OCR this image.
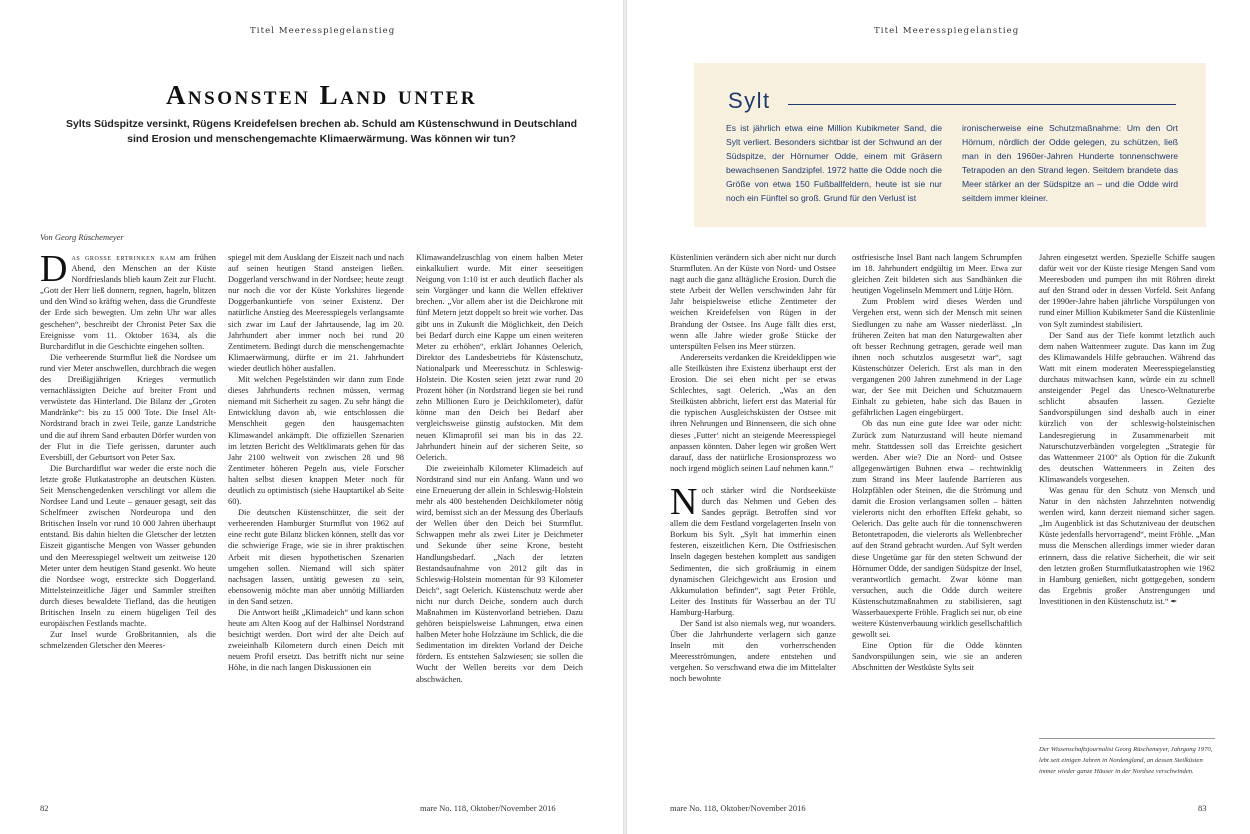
Titel Meeresspiegelanstieg
Ansonsten Land unter
Sylts Südspitze versinkt, Rügens Kreidefelsen brechen ab. Schuld am Küstenschwund in Deutschland sind Erosion und menschengemachte Klimaerwärmung. Was können wir tun?
Von Georg Rüschemeyer

Das grosse ertrinken kam am frühen Abend, den Menschen an der Küste Nordfrieslands blieb kaum Zeit zur Flucht. „Gott der Herr ließ donnern, regnen, hageln, blitzen und den Wind so kräftig wehen, dass die Grundfeste der Erde sich bewegten. Um zehn Uhr war alles geschehen“, beschreibt der Chronist Peter Sax die Ereignisse vom 11. Oktober 1634, als die Burchardiflut in die Geschichte eingehen sollten.

Die verheerende Sturmflut ließ die Nordsee um rund vier Meter anschwellen, durchbrach die wegen des Dreißigjährigen Krieges vermutlich vernachlässigten Deiche auf breiter Front und verwüstete das Hinterland. Die Bilanz der „Groten Mandränke“: bis zu 15 000 Tote. Die Insel Alt-Nordstrand brach in zwei Teile, ganze Landstriche und die auf ihrem Sand erbauten Dörfer wurden von der Flut in die Tiefe gerissen, darunter auch Eversbüll, der Geburtsort von Peter Sax.

Die Burchardiflut war weder die erste noch die letzte große Flutkatastrophe an deutschen Küsten. Seit Menschengedenken verschlingt vor allem die Nordsee Land und Leute – genauer gesagt, seit das Schelfmeer zwischen Nordeuropa und den Britischen Inseln vor rund 10 000 Jahren überhaupt entstand. Bis dahin hielten die Gletscher der letzten Eiszeit gigantische Mengen von Wasser gebunden und den Meeresspiegel weltweit um zeitweise 120 Meter unter dem heutigen Stand gesenkt. Wo heute die Nordsee wogt, erstreckte sich Doggerland. Mittelsteinzeitliche Jäger und Sammler streiften durch dieses bewaldete Tiefland, das die heutigen Britischen Inseln zu einem hügeligen Teil des europäischen Festlands machte.

Zur Insel wurde Großbritannien, als die schmelzenden Gletscher den Meeres-

spiegel mit dem Ausklang der Eiszeit nach und nach auf seinen heutigen Stand ansteigen ließen. Doggerland verschwand in der Nordsee; heute zeugt nur noch die vor der Küste Yorkshires liegende Doggerbankuntiefe von seiner Existenz. Der natürliche Anstieg des Meeresspiegels verlangsamte sich zwar im Lauf der Jahrtausende, lag im 20. Jahrhundert aber immer noch bei rund 20 Zentimetern. Bedingt durch die menschengemachte Klimaerwärmung, dürfte er im 21. Jahrhundert wieder deutlich höher ausfallen.

Mit welchen Pegelständen wir dann zum Ende dieses Jahrhunderts rechnen müssen, vermag niemand mit Sicherheit zu sagen. Zu sehr hängt die Entwicklung davon ab, wie entschlossen die Menschheit gegen den hausgemachten Klimawandel ankämpft. Die offiziellen Szenarien im letzten Bericht des Weltklimarats gehen für das Jahr 2100 weltweit von zwischen 28 und 98 Zentimeter höheren Pegeln aus, viele Forscher halten selbst diesen knappen Meter noch für deutlich zu optimistisch (siehe Hauptartikel ab Seite 60).

Die deutschen Küstenschützer, die seit der verheerenden Hamburger Sturmflut von 1962 auf eine recht gute Bilanz blicken können, stellt das vor die schwierige Frage, wie sie in ihrer praktischen Arbeit mit diesen hypothetischen Szenarien umgehen sollen. Niemand will sich später nachsagen lassen, untätig gewesen zu sein, ebensowenig möchte man aber unnötig Milliarden in den Sand setzen.

Die Antwort heißt „Klimadeich“ und kann schon heute am Alten Koog auf der Halbinsel Nordstrand besichtigt werden. Dort wird der alte Deich auf zweieinhalb Kilometern durch einen Deich mit neuem Profil ersetzt. Das betrifft nicht nur seine Höhe, in die nach langen Diskussionen ein

Klimawandelzuschlag von einem halben Meter einkalkuliert wurde. Mit einer seeseitigen Neigung von 1:10 ist er auch deutlich flacher als sein Vorgänger und kann die Wellen effektiver brechen. „Vor allem aber ist die Deichkrone mit fünf Metern jetzt doppelt so breit wie vorher. Das gibt uns in Zukunft die Möglichkeit, den Deich bei Bedarf durch eine Kappe um einen weiteren Meter zu erhöhen“, erklärt Johannes Oelerich, Direktor des Landesbetriebs für Küstenschutz, Nationalpark und Meeresschutz in Schleswig-Holstein. Die Kosten seien jetzt zwar rund 20 Prozent höher (in Nordstrand liegen sie bei rund zehn Millionen Euro je Deichkilometer), dafür könne man den Deich bei Bedarf aber vergleichsweise günstig aufstocken. Mit dem neuen Klimaprofil sei man bis in das 22. Jahrhundert hinein auf der sicheren Seite, so Oelerich.

Die zweieinhalb Kilometer Klimadeich auf Nordstrand sind nur ein Anfang. Wann und wo eine Erneuerung der allein in Schleswig-Holstein mehr als 400 bestehenden Deichkilometer nötig wird, bemisst sich an der Messung des Überlaufs der Wellen über den Deich bei Sturmflut. Schwappen mehr als zwei Liter je Deichmeter und Sekunde über seine Krone, besteht Handlungsbedarf. „Nach der letzten Bestandsaufnahme von 2012 gilt das in Schleswig-Holstein momentan für 93 Kilometer Deich“, sagt Oelerich. Küstenschutz werde aber nicht nur durch Deiche, sondern auch durch Maßnahmen im Küstenvorland betrieben. Dazu gehören beispielsweise Lahnungen, etwa einen halben Meter hohe Holzzäune im Schlick, die die Sedimentation im direkten Vorland der Deiche fördern. Es entstehen Salzwiesen; sie sollen die Wucht der Wellen bereits vor dem Deich abschwächen.

82	mare No. 118, Oktober/November 2016
Titel Meeresspiegelanstieg
Sylt
Es ist jährlich etwa eine Million Kubikmeter Sand, die Sylt verliert. Besonders sichtbar ist der Schwund an der Südspitze, der Hörnumer Odde, einem mit Gräsern bewachsenen Sandzipfel. 1972 hatte die Odde noch die Größe von etwa 150 Fußballfeldern, heute ist sie nur noch ein Fünftel so groß. Grund für den Verlust ist
ironischerweise eine Schutzmaßnahme: Um den Ort Hörnum, nördlich der Odde gelegen, zu schützen, ließ man in den 1960er-Jahren Hunderte tonnenschwere Tetrapoden an den Strand legen. Seitdem brandete das Meer stärker an der Südspitze an – und die Odde wird seitdem immer kleiner.

Küstenlinien verändern sich aber nicht nur durch Sturmfluten. An der Küste von Nord- und Ostsee nagt auch die ganz alltägliche Erosion. Durch die stete Arbeit der Wellen verschwinden Jahr für Jahr beispielsweise etliche Zentimeter der weichen Kreidefelsen von Rügen in der Brandung der Ostsee. Ins Auge fällt dies erst, wenn alle Jahre wieder große Stücke der unterspülten Felsen ins Meer stürzen.

Andererseits verdanken die Kreideklippen wie alle Steilküsten ihre Existenz überhaupt erst der Erosion. Die sei eben nicht per se etwas Schlechtes, sagt Oelerich. „Was an den Steilküsten abbricht, liefert erst das Material für die typischen Ausgleichsküsten der Ostsee mit ihren Nehrungen und Binnenseen, die sich ohne dieses ‚Futter‘ nicht an steigende Meeresspiegel anpassen könnten. Daher legen wir großen Wert darauf, dass der natürliche Erosionsprozess wo noch irgend möglich seinen Lauf nehmen kann.“

Noch stärker wird die Nordseeküste durch das Nehmen und Geben des Sandes geprägt. Betroffen sind vor allem die dem Festland vorgelagerten Inseln von Borkum bis Sylt. „Sylt hat immerhin einen festeren, eiszeitlichen Kern. Die Ostfriesischen Inseln dagegen bestehen komplett aus sandigen Sedimenten, die sich großräumig in einem dynamischen Gleichgewicht aus Erosion und Akkumulation befinden“, sagt Peter Fröhle, Leiter des Instituts für Wasserbau an der TU Hamburg-Harburg.

Der Sand ist also niemals weg, nur woanders. Über die Jahrhunderte verlagern sich ganze Inseln mit den vorherrschenden Meeresströmungen, andere entstehen und vergehen. So verschwand etwa die im Mittelalter noch bewohnte

ostfriesische Insel Bant nach langem Schrumpfen im 18. Jahrhundert endgültig im Meer. Etwa zur gleichen Zeit bildeten sich aus Sandbänken die heutigen Vogelinseln Memmert und Lütje Hörn.

Zum Problem wird dieses Werden und Vergehen erst, wenn sich der Mensch mit seinen Siedlungen zu nahe am Wasser niederlässt. „In früheren Zeiten hat man den Naturgewalten aber oft besser Rechnung getragen, gerade weil man ihnen noch schutzlos ausgesetzt war“, sagt Küstenschützer Oelerich. Erst als man in den vergangenen 200 Jahren zunehmend in der Lage war, der See mit Deichen und Schutzmauern Einhalt zu gebieten, habe sich das Bauen in gefährlichen Lagen eingebürgert.

Ob das nun eine gute Idee war oder nicht: Zurück zum Naturzustand will heute niemand mehr. Stattdessen soll das Erreichte gesichert werden. Aber wie? Die an Nord- und Ostsee allgegenwärtigen Buhnen etwa – rechtwinklig zum Strand ins Meer laufende Barrieren aus Holzpfählen oder Steinen, die die Strömung und damit die Erosion verlangsamen sollen – hätten vielerorts nicht den erhofften Effekt gehabt, so Oelerich. Das gelte auch für die tonnenschweren Betontetrapoden, die vielerorts als Wellenbrecher auf den Strand gebracht wurden. Auf Sylt werden diese Ungetüme gar für den steten Schwund der Hörnumer Odde, der sandigen Südspitze der Insel, verantwortlich gemacht. Zwar könne man versuchen, auch die Odde durch weitere Küstenschutzmaßnahmen zu stabilisieren, sagt Wasserbauexperte Fröhle. Fraglich sei nur, ob eine weitere Küstenverbauung wirklich gesellschaftlich gewollt sei.

Eine Option für die Odde könnten Sandvorspülungen sein, wie sie an anderen Abschnitten der Westküste Sylts seit

Jahren eingesetzt werden. Spezielle Schiffe saugen dafür weit vor der Küste riesige Mengen Sand vom Meeresboden und pumpen ihn mit Röhren direkt auf den Strand oder in dessen Vorfeld. Seit Anfang der 1990er-Jahre haben jährliche Vorspülungen von rund einer Million Kubikmeter Sand die Küstenlinie von Sylt zumindest stabilisiert.

Der Sand aus der Tiefe kommt letztlich auch dem nahen Wattenmeer zugute. Das kann im Zug des Klimawandels Hilfe gebrauchen. Während das Watt mit einem moderaten Meeresspiegelanstieg durchaus mitwachsen kann, würde ein zu schnell ansteigender Pegel das Unesco-Weltnaturerbe schlicht absaufen lassen. Gezielte Sandvorspülungen sind deshalb auch in einer kürzlich von der schleswig-holsteinischen Landesregierung in Zusammenarbeit mit Naturschutzverbänden vorgelegten „Strategie für das Wattenmeer 2100“ als Option für die Zukunft des deutschen Wattenmeers in Zeiten des Klimawandels vorgesehen.

Was genau für den Schutz von Mensch und Natur in den nächsten Jahrzehnten notwendig werden wird, kann derzeit niemand sicher sagen. „Im Augenblick ist das Schutzniveau der deutschen Küste jedenfalls hervorragend“, meint Fröhle. „Man muss die Menschen allerdings immer wieder daran erinnern, dass die relative Sicherheit, die wir seit den letzten großen Sturmflutkatastrophen wie 1962 in Hamburg genießen, nicht gottgegeben, sondern das Ergebnis großer Anstrengungen und Investitionen in den Küstenschutz ist.“ ✒

Der Wissenschaftsjournalist Georg Rüschemeyer, Jahrgang 1970, lebt seit einigen Jahren in Nordengland, an dessen Steilküsten immer wieder ganze Häuser in der Nordsee verschwinden.
mare No. 118, Oktober/November 2016	83
